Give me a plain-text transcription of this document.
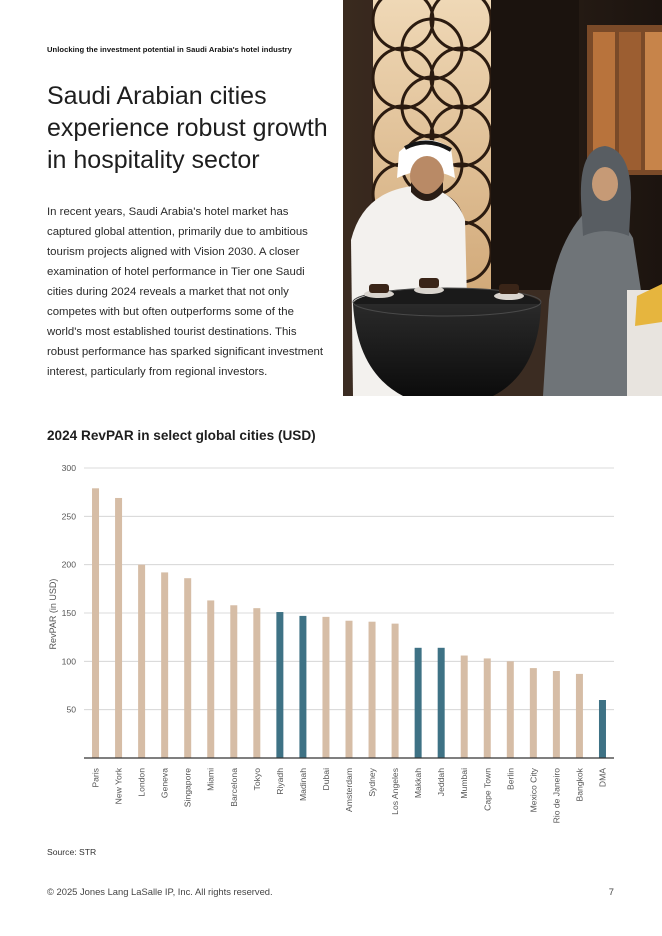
Unlocking the investment potential in Saudi Arabia's hotel industry
Saudi Arabian cities experience robust growth in hospitality sector

In recent years, Saudi Arabia's hotel market has captured global attention, primarily due to ambitious tourism projects aligned with Vision 2030. A closer examination of hotel performance in Tier one Saudi cities during 2024 reveals a market that not only competes with but often outperforms some of the world's most established tourist destinations. This robust performance has sparked significant investment interest, particularly from regional investors.

2024 RevPAR in select global cities (USD)
50
100
150
200
250
300
Paris New York London Geneva Singapore Miami Barcelona Tokyo Riyadh Madinah Dubai Amsterdam Sydney Los Angeles Makkah Jeddah Mumbai Cape Town Berlin Mexico City Rio de Janeiro Bangkok DMA
RevPAR (in USD)
Source: STR
© 2025 Jones Lang LaSalle IP, Inc. All rights reserved.	7
